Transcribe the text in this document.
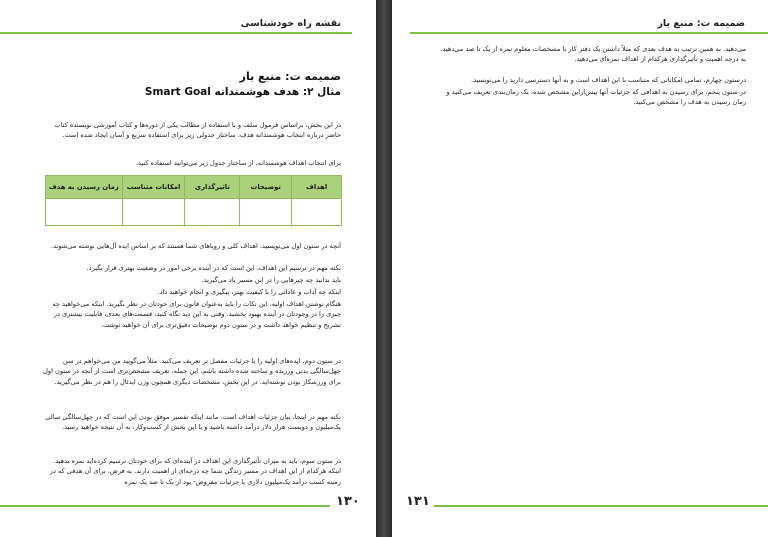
نقشه راه خودشناسی
ضمیمه ت: منبع باز
مثال ۲: هدف هوشمندانه Smart Goal
در این بخش، براساس فرمول سلف و با استفاده از مطالب یکی از دوره‌ها و کتاب آموزشی نویسنده کتاب حاضر درباره انتخاب هوشمندانه هدف، ساختار جدولی زیر برای استفاده سریع و آسان ایجاد شده است.
برای انتخاب اهداف هوشمندانه، از ساختار جدول زیر می‌توانید استفاده کنید.
اهداف	توضیحات	تاثیرگذاری	امکانات متناسب	زمان رسیدن به هدف

آنچه در ستون اول می‌نویسید، اهداف کلی و رویاهای شما هستند که بر اساس ایده آل‌هایی نوشته می‌شوند.
نکته مهم در ترسیم این اهداف، این است که در آینده برخی امور در وضعیت بهتری قرار بگیرد.
باید بدانید چه چیزهایی را در این مسیر یاد می‌گیرید.
اینکه چه آداب و عاداتی را با کیفیت بهتر، پیگیری و انجام خواهید داد.
هنگام نوشتن اهداف اولیه، این نکات را باید به‌عنوان قانون برای خودتان در نظر بگیرید. اینکه می‌خواهید چه چیزی را در وجودتان در آینده بهبود بخشید. وقتی به این دید نگاه کنید، قسمت‌های بعدی، قابلیت بیشتری در تشریح و تنظیم خواهد داشت و در ستون دوم توضیحات دقیق‌تری برای آن خواهید نوشت.
در ستون دوم، ایده‌های اولیه را با جزئیات مفصل تر تعریف می‌کنید. مثلاً می‌گویید من می‌خواهم در سن چهل‌سالگی بدنی ورزیده و ساخته شده داشته باشم. این جمله، تعریف مشخص‌تری است از آنچه در ستون اول برای ورزشکار بودن نوشته‌اید. در این بخش، مشخصات دیگری همچون وزن ایدئال را هم در نظر می‌گیرید.
نکته مهم در اینجا، بیان جزئیات اهداف است. مانند اینکه تفسیر موفق بودن این است که در چهل‌سالگی سالی یک‌میلیون و دویست هزار دلار درآمد داشته باشید و یا این بخش از کسب‌وکار، به آن نتیجه خواهید رسید.
در ستون سوم، باید به میزان تأثیرگذاری این اهداف در آینده‌ای که برای خودتان ترسیم کرده‌اید نمره بدهید. اینکه هرکدام از این اهداف در مسیر زندگی شما چه درجه‌ای از اهمیت دارند. به فرض، برای آن هدفی که در زمینه کسب درآمد یک‌میلیون دلاری یا جزئیات مفروض- بود از یک تا صد یک نمره
۱۳۰
ضمیمه ت: منبع باز
می‌دهید. به همین ترتیب به هدف بعدی که مثلاً داشتن یک دفتر کار با مشخصات معلوم نمره از یک تا صد می‌دهید. به درجه اهمیت و تأثیرگذاری هرکدام از اهداف نمره‌ای می‌دهید.
درستون چهارم، تمامی امکاناتی که متناسب با این اهداف است و به آنها دسترسی دارید را می‌نویسید.
در ستون پنجم، برای رسیدن به اهدافی که جزئیات آنها پیش‌ازاین مشخص شده، یک زمان‌بندی تعریف می‌کنید و زمان رسیدن به هدف را مشخص می‌کنید.
۱۳۱
